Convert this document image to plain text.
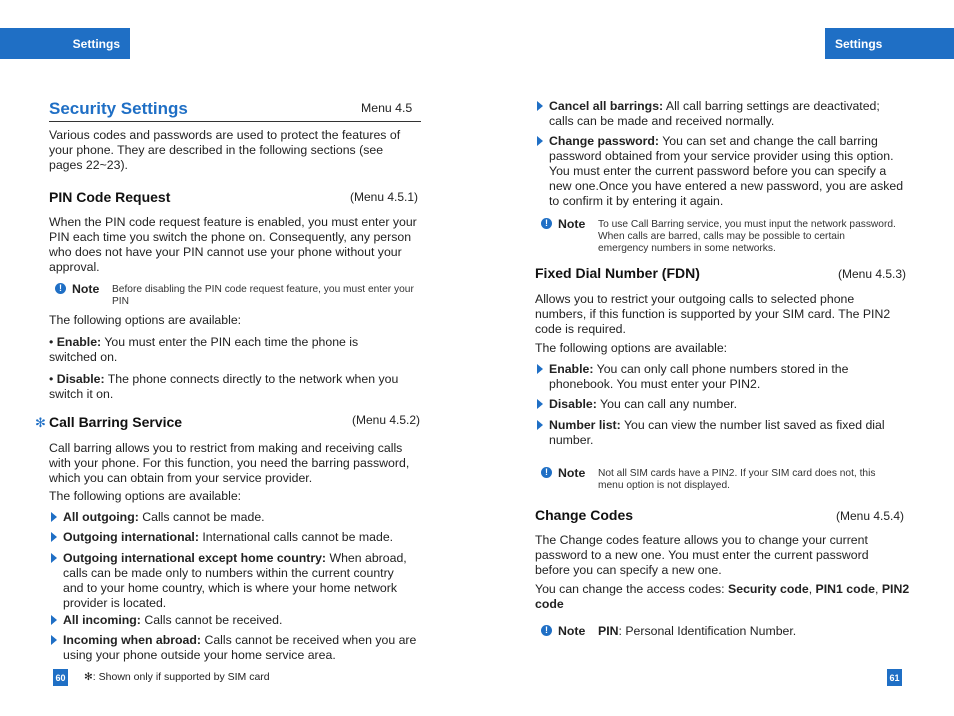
Settings	Settings
Security Settings	Menu 4.5

Various codes and passwords are used to protect the features of your phone. They are described in the following sections (see pages 22~23).

PIN Code Request	(Menu 4.5.1)

When the PIN code request feature is enabled, you must enter your PIN each time you switch the phone on. Consequently, any person who does not have your PIN cannot use your phone without your approval.

! Note Before disabling the PIN code request feature, you must enter your PIN

The following options are available:

• Enable: You must enter the PIN each time the phone is switched on.
• Disable: The phone connects directly to the network when you switch it on.
✻ Call Barring Service	(Menu 4.5.2)

Call barring allows you to restrict from making and receiving calls with your phone. For this function, you need the barring password, which you can obtain from your service provider.

The following options are available:

All outgoing: Calls cannot be made.
Outgoing international: International calls cannot be made.
Outgoing international except home country: When abroad, calls can be made only to numbers within the current country and to your home country, which is where your home network provider is located.
All incoming: Calls cannot be received.
Incoming when abroad: Calls cannot be received when you are using your phone outside your home service area.
60 ✻: Shown only if supported by SIM card
Cancel all barrings: All call barring settings are deactivated; calls can be made and received normally.
Change password: You can set and change the call barring password obtained from your service provider using this option. You must enter the current password before you can specify a new one.Once you have entered a new password, you are asked to confirm it by entering it again.
! Note To use Call Barring service, you must input the network password. When calls are barred, calls may be possible to certain emergency numbers in some networks.
Fixed Dial Number (FDN)	(Menu 4.5.3)

Allows you to restrict your outgoing calls to selected phone numbers, if this function is supported by your SIM card. The PIN2 code is required.

The following options are available:

Enable: You can only call phone numbers stored in the phonebook. You must enter your PIN2.
Disable: You can call any number.
Number list: You can view the number list saved as fixed dial number.
! Note Not all SIM cards have a PIN2. If your SIM card does not, this menu option is not displayed.
Change Codes	(Menu 4.5.4)

The Change codes feature allows you to change your current password to a new one. You must enter the current password before you can specify a new one.

You can change the access codes: Security code, PIN1 code, PIN2 code
! Note PIN: Personal Identification Number.
61
